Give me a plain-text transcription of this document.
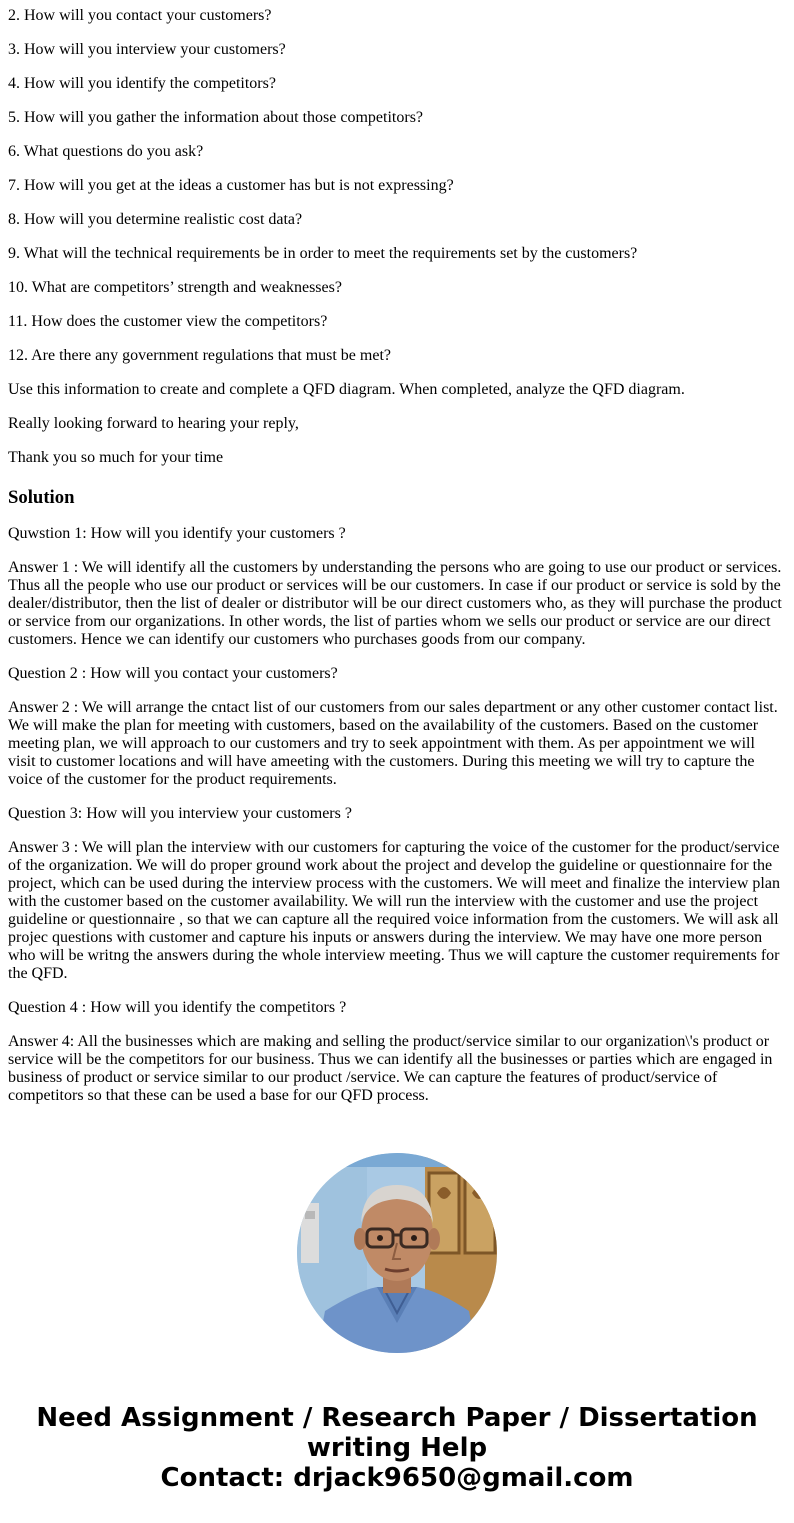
2. How will you contact your customers?

3. How will you interview your customers?

4. How will you identify the competitors?

5. How will you gather the information about those competitors?

6. What questions do you ask?

7. How will you get at the ideas a customer has but is not expressing?

8. How will you determine realistic cost data?

9. What will the technical requirements be in order to meet the requirements set by the customers?

10. What are competitors’ strength and weaknesses?

11. How does the customer view the competitors?

12. Are there any government regulations that must be met?

Use this information to create and complete a QFD diagram. When completed, analyze the QFD diagram.

Really looking forward to hearing your reply,

Thank you so much for your time

Solution

Quwstion 1: How will you identify your customers ?

Answer 1 : We will identify all the customers by understanding the persons who are going to use our product or services. Thus all the people who use our product or services will be our customers. In case if our product or service is sold by the dealer/distributor, then the list of dealer or distributor will be our direct customers who, as they will purchase the product or service from our organizations. In other words, the list of parties whom we sells our product or service are our direct customers. Hence we can identify our customers who purchases goods from our company.

Question 2 : How will you contact your customers?

Answer 2 : We will arrange the cntact list of our customers from our sales department or any other customer contact list. We will make the plan for meeting with customers, based on the availability of the customers. Based on the customer meeting plan, we will approach to our customers and try to seek appointment with them. As per appointment we will visit to customer locations and will have ameeting with the customers. During this meeting we will try to capture the voice of the customer for the product requirements.

Question 3: How will you interview your customers ?

Answer 3 : We will plan the interview with our customers for capturing the voice of the customer for the product/service of the organization. We will do proper ground work about the project and develop the guideline or questionnaire for the project, which can be used during the interview process with the customers. We will meet and finalize the interview plan with the customer based on the customer availability. We will run the interview with the customer and use the project guideline or questionnaire , so that we can capture all the required voice information from the customers. We will ask all projec questions with customer and capture his inputs or answers during the interview. We may have one more person who will be writng the answers during the whole interview meeting. Thus we will capture the customer requirements for the QFD.

Question 4 : How will you identify the competitors ?

Answer 4: All the businesses which are making and selling the product/service similar to our organization\'s product or service will be the competitors for our business. Thus we can identify all the businesses or parties which are engaged in business of product or service similar to our product /service. We can capture the features of product/service of competitors so that these can be used a base for our QFD process.

Need Assignment / Research Paper / Dissertation
writing Help
Contact: drjack9650@gmail.com
